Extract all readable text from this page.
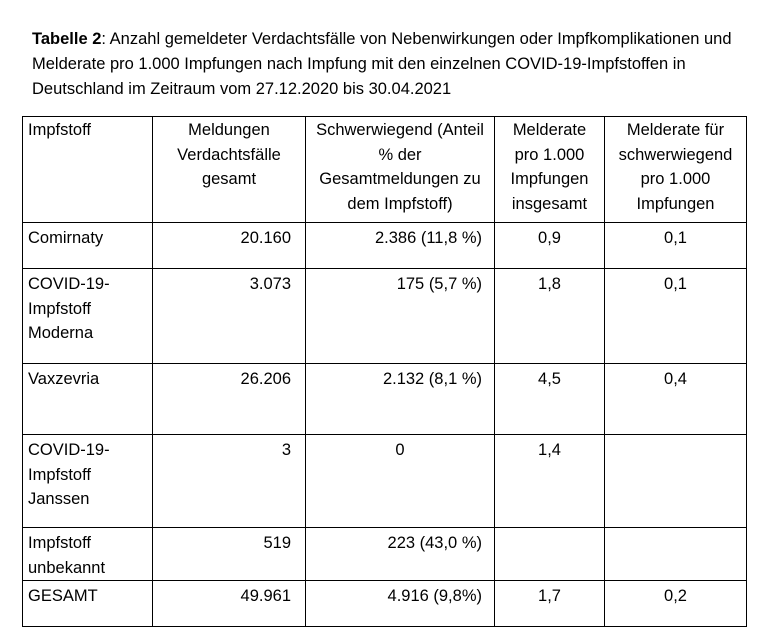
Tabelle 2: Anzahl gemeldeter Verdachtsfälle von Nebenwirkungen oder Impfkomplikationen und Melderate pro 1.000 Impfungen nach Impfung mit den einzelnen COVID-19-Impfstoffen in Deutschland im Zeitraum vom 27.12.2020 bis 30.04.2021

Impfstoff	Meldungen Verdachtsfälle gesamt	Schwerwiegend (Anteil % der Gesamtmeldungen zu dem Impfstoff)	Melderate pro 1.000 Impfungen insgesamt	Melderate für schwerwiegend pro 1.000 Impfungen
Comirnaty	20.160	2.386 (11,8 %)	0,9	0,1
COVID-19-Impfstoff Moderna	3.073	175 (5,7 %)	1,8	0,1
Vaxzevria	26.206	2.132 (8,1 %)	4,5	0,4
COVID-19-Impfstoff Janssen	3	0	1,4	
Impfstoff unbekannt	519	223 (43,0 %)		
GESAMT	49.961	4.916 (9,8%)	1,7	0,2
